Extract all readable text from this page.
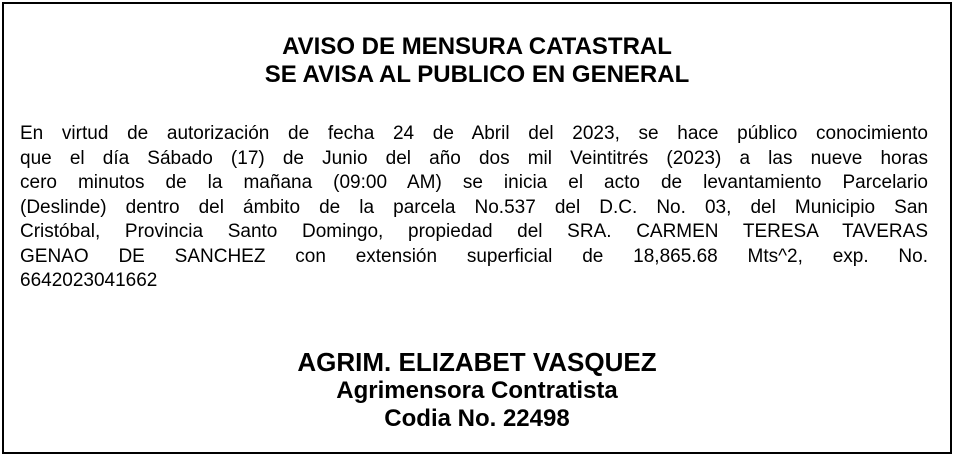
AVISO DE MENSURA CATASTRAL
SE AVISA AL PUBLICO EN GENERAL
En virtud de autorización de fecha 24 de Abril del 2023, se hace público conocimiento
que el día Sábado (17) de Junio del año dos mil Veintitrés (2023) a las nueve horas
cero minutos de la mañana (09:00 AM) se inicia el acto de levantamiento Parcelario
(Deslinde) dentro del ámbito de la parcela No.537 del D.C. No. 03, del Municipio San
Cristóbal, Provincia Santo Domingo, propiedad del SRA. CARMEN TERESA TAVERAS
GENAO DE SANCHEZ con extensión superficial de 18,865.68 Mts^2, exp. No.
6642023041662
AGRIM. ELIZABET VASQUEZ
Agrimensora Contratista
Codia No. 22498
